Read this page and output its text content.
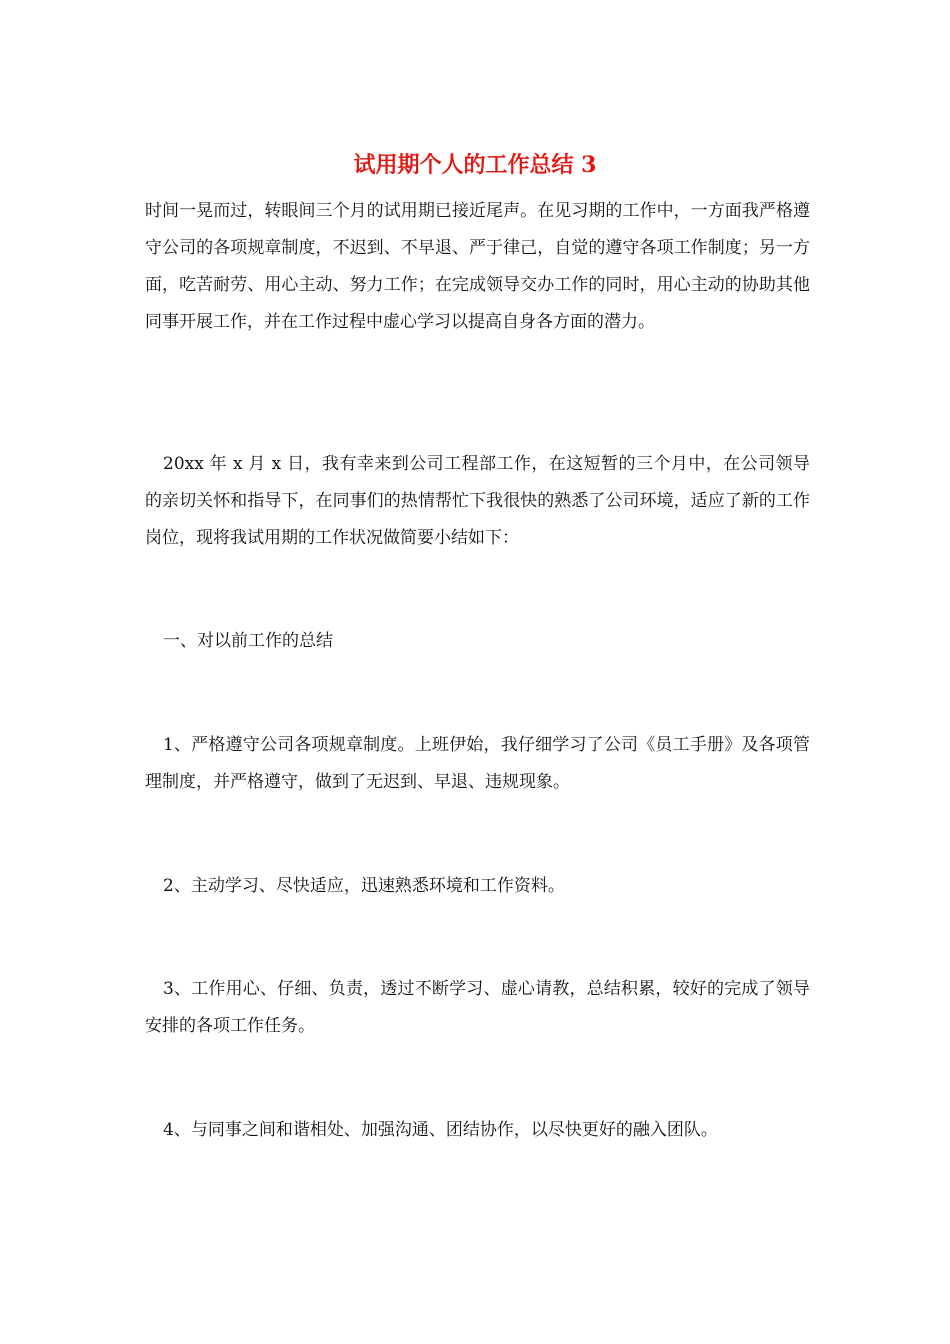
试用期个人的工作总结 3

时间一晃而过，转眼间三个月的试用期已接近尾声。在见习期的工作中，一方面我严格遵守公司的各项规章制度，不迟到、不早退、严于律己，自觉的遵守各项工作制度；另一方面，吃苦耐劳、用心主动、努力工作；在完成领导交办工作的同时，用心主动的协助其他同事开展工作，并在工作过程中虚心学习以提高自身各方面的潜力。

20xx 年 x 月 x 日，我有幸来到公司工程部工作，在这短暂的三个月中，在公司领导的亲切关怀和指导下，在同事们的热情帮忙下我很快的熟悉了公司环境，适应了新的工作岗位，现将我试用期的工作状况做简要小结如下：

一、对以前工作的总结

1、严格遵守公司各项规章制度。上班伊始，我仔细学习了公司《员工手册》及各项管理制度，并严格遵守，做到了无迟到、早退、违规现象。

2、主动学习、尽快适应，迅速熟悉环境和工作资料。

3、工作用心、仔细、负责，透过不断学习、虚心请教，总结积累，较好的完成了领导安排的各项工作任务。

4、与同事之间和谐相处、加强沟通、团结协作，以尽快更好的融入团队。
